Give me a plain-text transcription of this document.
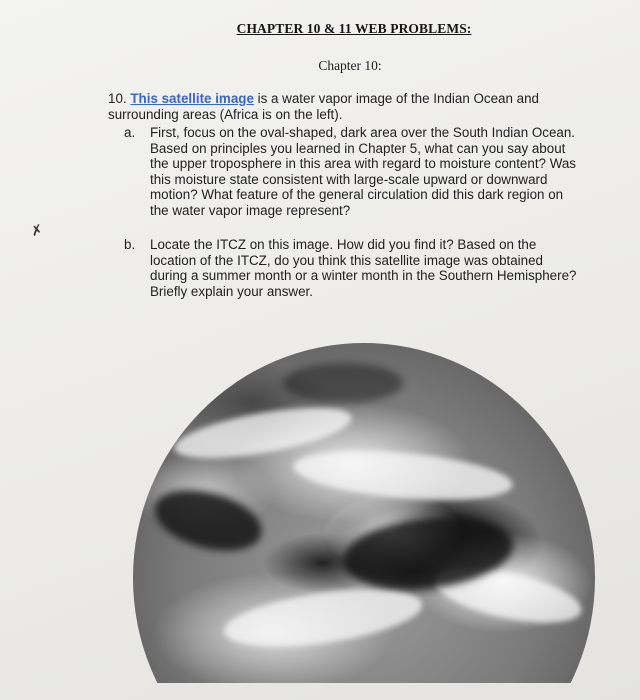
CHAPTER 10 & 11 WEB PROBLEMS:
Chapter 10:
10. This satellite image is a water vapor image of the Indian Ocean and surrounding areas (Africa is on the left).
a. First, focus on the oval-shaped, dark area over the South Indian Ocean. Based on principles you learned in Chapter 5, what can you say about the upper troposphere in this area with regard to moisture content? Was this moisture state consistent with large-scale upward or downward motion? What feature of the general circulation did this dark region on the water vapor image represent?
b. Locate the ITCZ on this image. How did you find it? Based on the location of the ITCZ, do you think this satellite image was obtained during a summer month or a winter month in the Southern Hemisphere? Briefly explain your answer.
✗
